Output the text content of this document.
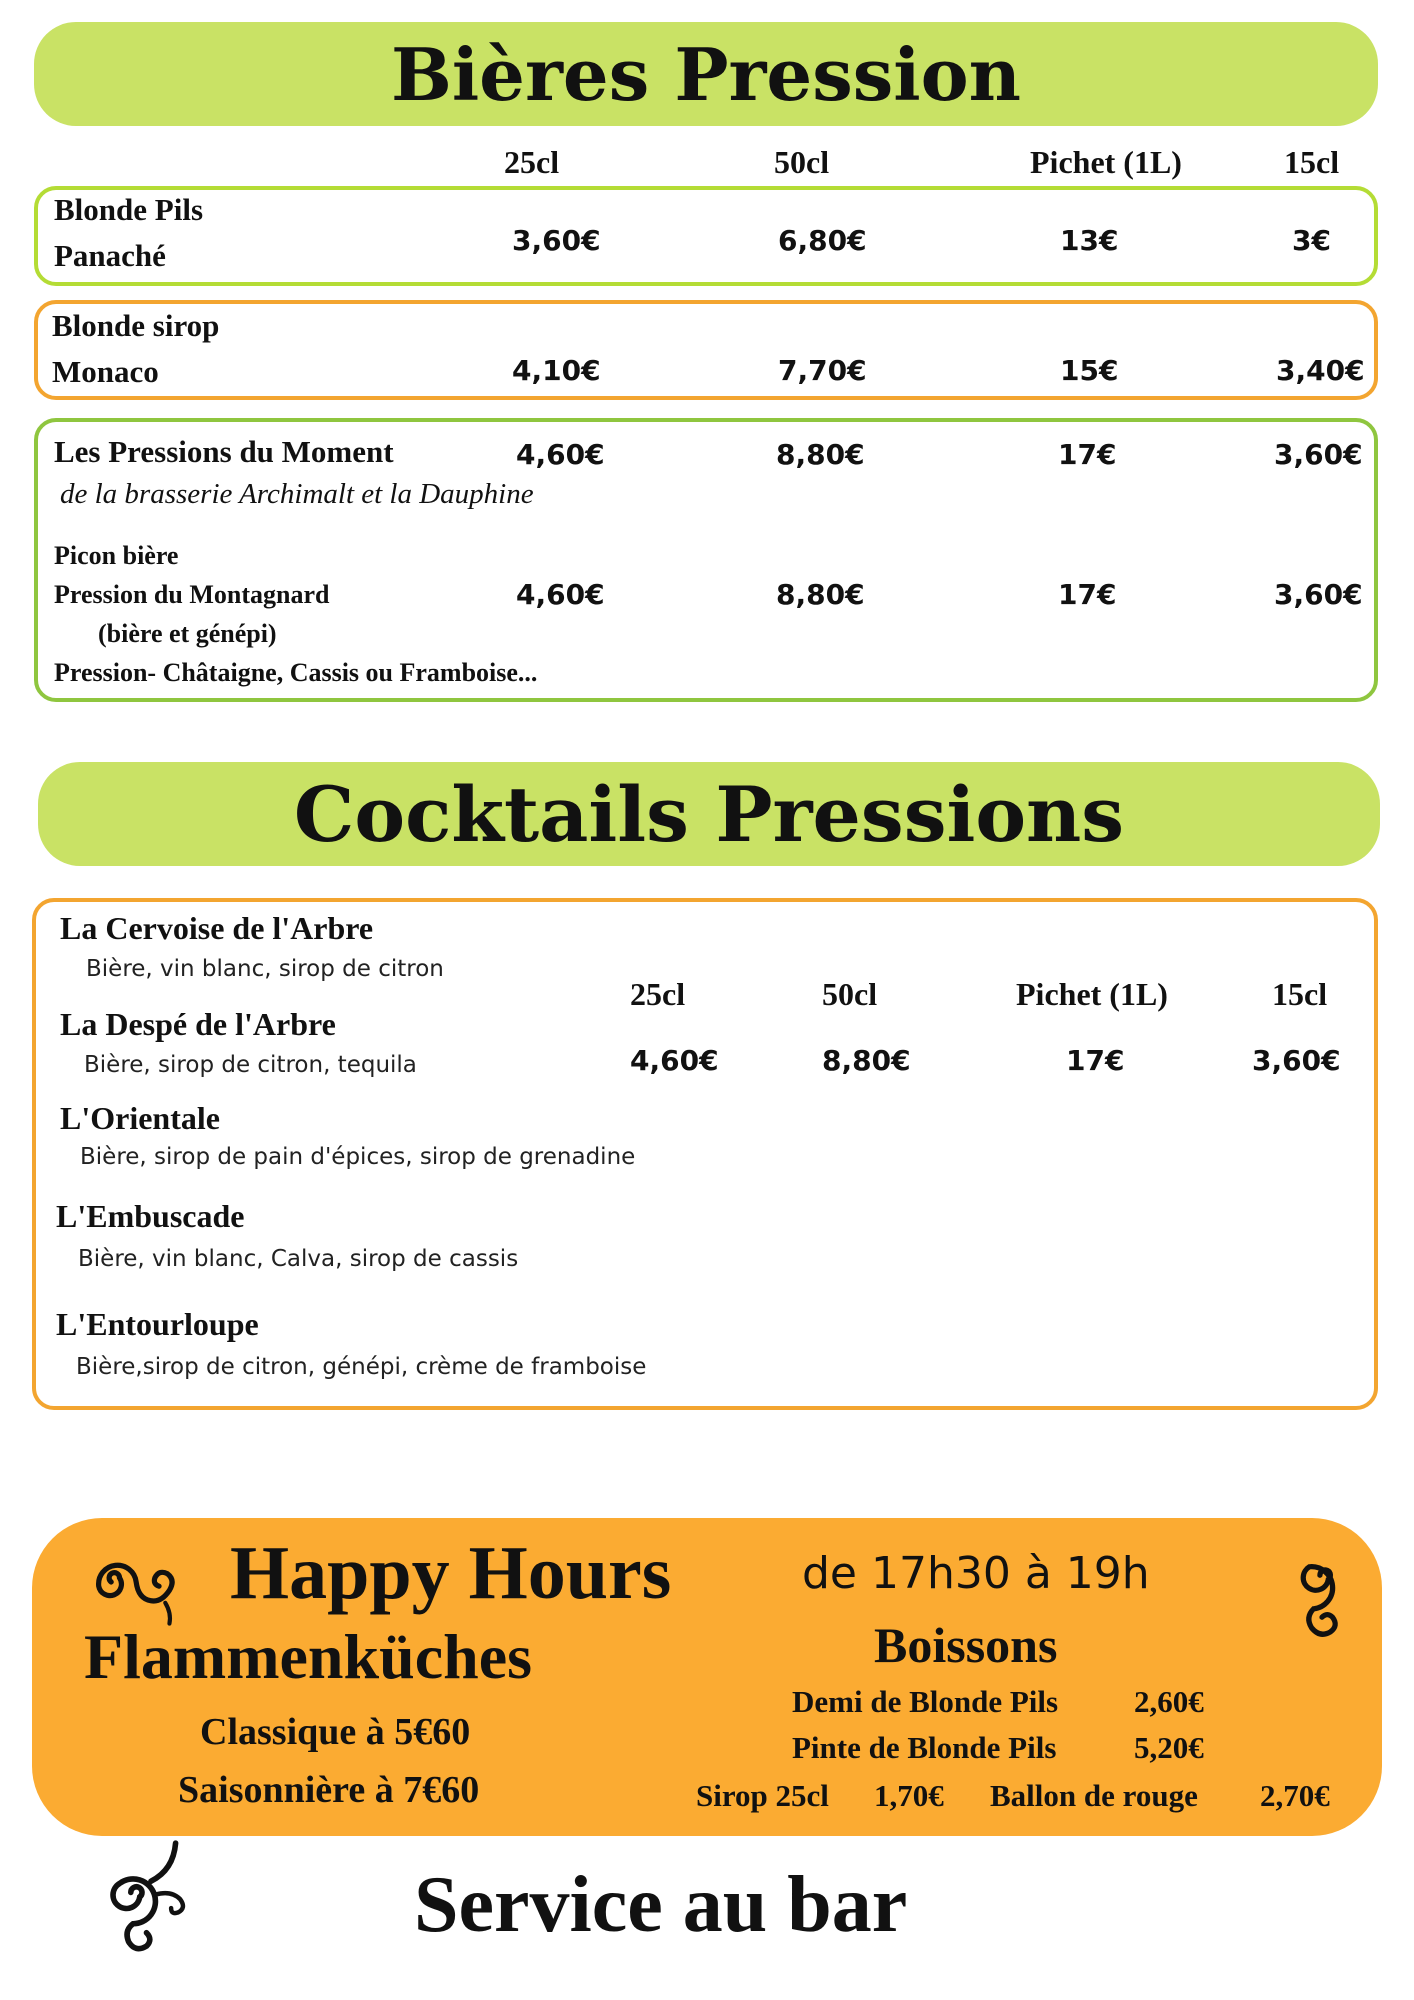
Bières Pression
25cl	50cl	Pichet (1L)	15cl
Blonde Pils
Panaché	3,60€	6,80€	13€	3€
Blonde sirop
Monaco	4,10€	7,70€	15€	3,40€
Les Pressions du Moment
de la brasserie Archimalt et la Dauphine
4,60€	8,80€	17€	3,60€
Picon bière
Pression du Montagnard
(bière et génépi)
Pression- Châtaigne, Cassis ou Framboise...
4,60€	8,80€	17€	3,60€
Cocktails Pressions
La Cervoise de l'Arbre
Bière, vin blanc, sirop de citron
La Despé de l'Arbre
Bière, sirop de citron, tequila
L'Orientale
Bière, sirop de pain d'épices, sirop de grenadine
L'Embuscade
Bière, vin blanc, Calva, sirop de cassis
L'Entourloupe
Bière,sirop de citron, génépi, crème de framboise
25cl	50cl	Pichet (1L)	15cl
4,60€	8,80€	17€	3,60€
Happy Hours	de 17h30 à 19h
Flammenküches
Classique à 5€60
Saisonnière à 7€60
Boissons
Demi de Blonde Pils 2,60€
Pinte de Blonde Pils	5,20€
Sirop 25cl 1,70€ Ballon de rouge 2,70€
Service au bar
